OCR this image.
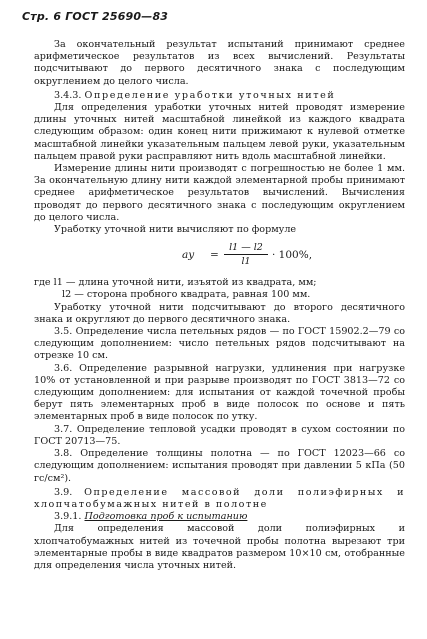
Стр. 6 ГОСТ 25690—83

За окончательный результат испытаний принимают среднее арифметическое результатов из всех вычислений. Результаты подсчитывают до первого десятичного знака с последующим округлением до целого числа.

3.4.3. Определение уработки уточных нитей

Для определения уработки уточных нитей проводят измерение длины уточных нитей масштабной линейкой из каждого квадрата следующим образом: один конец нити прижимают к нулевой отметке масштабной линейки указательным пальцем левой руки, указательным пальцем правой руки расправляют нить вдоль масштабной линейки.

Измерение длины нити производят с погрешностью не более 1 мм. За окончательную длину нити каждой элементарной пробы принимают среднее арифметическое результатов вычислений. Вычисления проводят до первого десятичного знака с последующим округлением до целого числа.

Уработку уточной нити вычисляют по формуле

aу = $\frac{l1 — l2}{l1} \cdot 100\%$,

где l1 — длина уточной нити, изъятой из квадрата, мм;

l2 — сторона пробного квадрата, равная 100 мм.

Уработку уточной нити подсчитывают до второго десятичного знака и округляют до первого десятичного знака.

3.5. Определение числа петельных рядов — по ГОСТ 15902.2—79 со следующим дополнением: число петельных рядов подсчитывают на отрезке 10 см.

3.6. Определение разрывной нагрузки, удлинения при нагрузке 10% от установленной и при разрыве производят по ГОСТ 3813—72 со следующим дополнением: для испытания от каждой точечной пробы берут пять элементарных проб в виде полосок по основе и пять элементарных проб в виде полосок по утку.

3.7. Определение тепловой усадки проводят в сухом состоянии по ГОСТ 20713—75.

3.8. Определение толщины полотна — по ГОСТ 12023—66 со следующим дополнением: испытания проводят при давлении 5 кПа (50 гс/см²).

3.9. Определение массовой доли полиэфирных и хлопчатобумажных нитей в полотне

3.9.1. Подготовка проб к испытанию

Для определения массовой доли полиэфирных и хлопчатобумажных нитей из точечной пробы полотна вырезают три элементарные пробы в виде квадратов размером 10×10 см, отобранные для определения числа уточных нитей.
